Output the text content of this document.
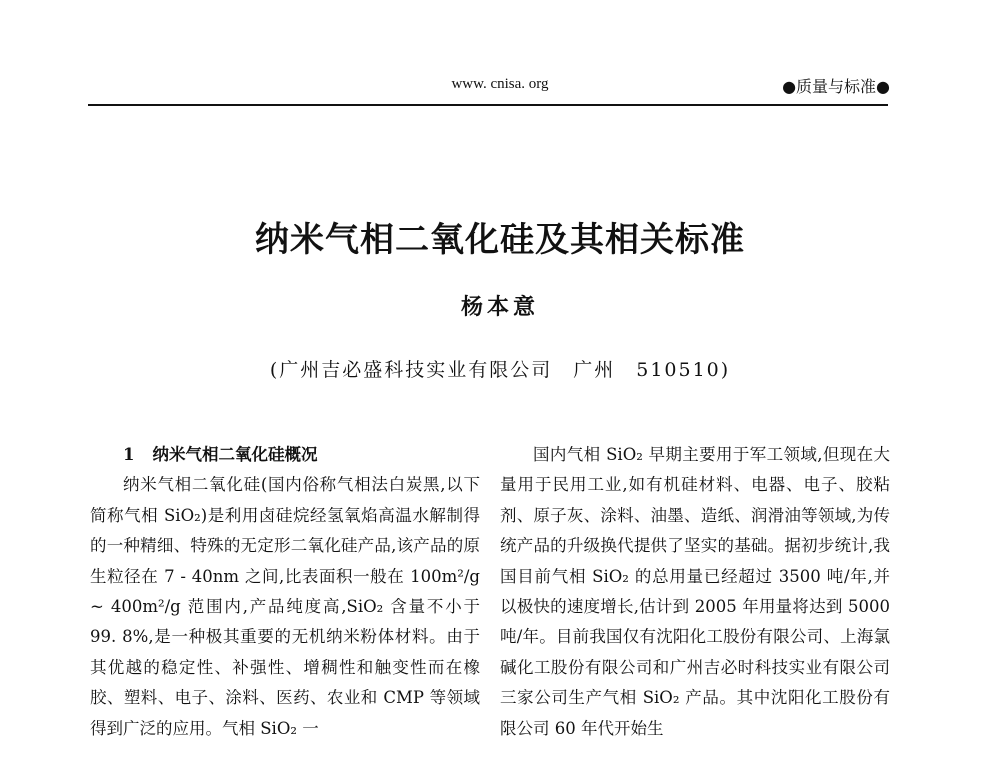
www. cnisa. org	●质量与标准●
纳米气相二氧化硅及其相关标准
杨本意
(广州吉必盛科技实业有限公司　广州　510510)
1 纳米气相二氧化硅概况

纳米气相二氧化硅(国内俗称气相法白炭黑,以下简称气相 SiO₂)是利用卤硅烷经氢氧焰高温水解制得的一种精细、特殊的无定形二氧化硅产品,该产品的原生粒径在 7 - 40nm 之间,比表面积一般在 100m²/g ~ 400m²/g 范围内,产品纯度高,SiO₂ 含量不小于 99. 8%,是一种极其重要的无机纳米粉体材料。由于其优越的稳定性、补强性、增稠性和触变性而在橡胶、塑料、电子、涂料、医药、农业和 CMP 等领域得到广泛的应用。气相 SiO₂ 一

国内气相 SiO₂ 早期主要用于军工领域,但现在大量用于民用工业,如有机硅材料、电器、电子、胶粘剂、原子灰、涂料、油墨、造纸、润滑油等领域,为传统产品的升级换代提供了坚实的基础。据初步统计,我国目前气相 SiO₂ 的总用量已经超过 3500 吨/年,并以极快的速度增长,估计到 2005 年用量将达到 5000 吨/年。目前我国仅有沈阳化工股份有限公司、上海氯碱化工股份有限公司和广州吉必时科技实业有限公司三家公司生产气相 SiO₂ 产品。其中沈阳化工股份有限公司 60 年代开始生
